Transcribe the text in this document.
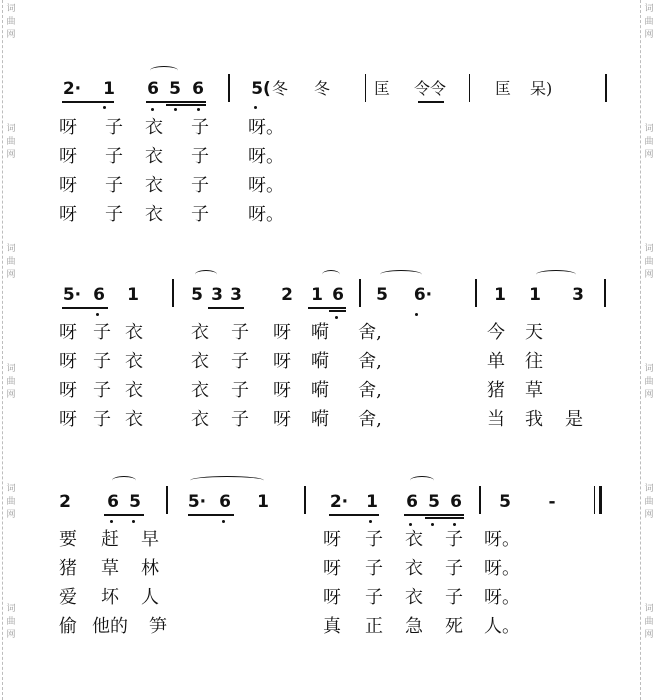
词
曲
网
词
曲
网
词
曲
网
词
曲
网
词
曲
网
词
曲
网
词
曲
网
词
曲
网
词
曲
网
词
曲
网
词
曲
网
词
曲
网
2· 1 6 5 6	5( 冬 冬	匡 令令	匡 呆)
呀 子 衣 子 呀。
呀 子 衣 子 呀。
呀 子 衣 子 呀。
呀 子 衣 子 呀。
5· 6 1	5 3 3 2 1 6 5 6·	1 1 3
呀 子 衣	衣 子 呀 嗬	舍,	今 天
呀 子 衣	衣 子 呀 嗬	舍,	单 往
呀 子 衣	衣 子 呀 嗬	舍,	猪 草
呀 子 衣	衣 子 呀 嗬	舍,	当 我 是
2 6 5	5· 6 1	2· 1 6 5 6 5 -
要 赶 早	呀 子 衣 子 呀。
猪 草 林	呀 子 衣 子 呀。
爱 坏 人	呀 子 衣 子 呀。
偷 他的 笋	真 正 急 死 人。
